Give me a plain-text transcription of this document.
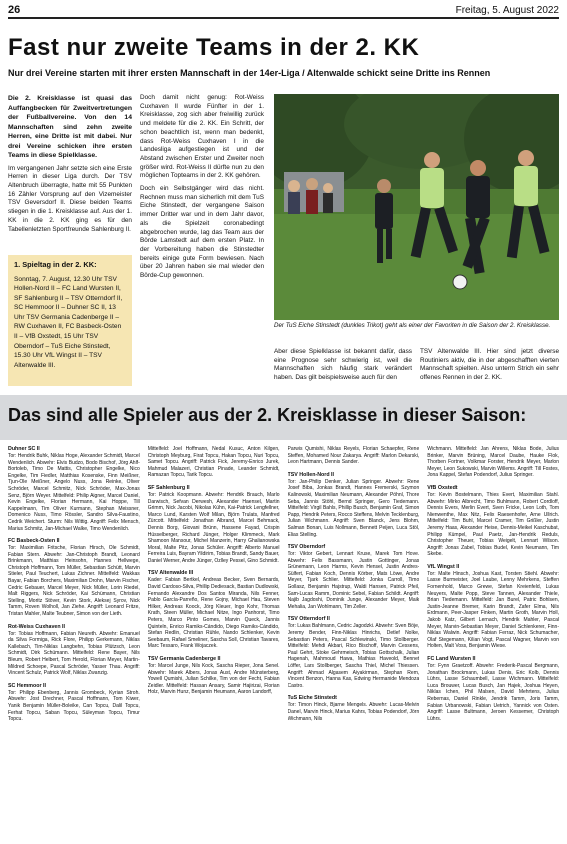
26	Freitag, 5. August 2022
Fast nur zweite Teams in der 2. KK
Nur drei Vereine starten mit ihrer ersten Mannschaft in der 14er-Liga / Altenwalde schickt seine Dritte ins Rennen

Die 2. Kreisklasse ist quasi das Auffangbecken für Zweitvertretungen der Fußballvereine. Von den 14 Mannschaften sind zehn zweite Herren, eine Dritte ist mit dabei. Nur drei Vereine schicken ihre ersten Teams in diese Spielklasse.

Im vergangenen Jahr setzte sich eine Erste Herren in dieser Liga durch. Der TSV Altenbruch überragte, hatte mit 55 Punkten 16 Zähler Vorsprung auf den Vizemeister TSV Geversdorf II. Diese beiden Teams stiegen in die 1. Kreisklasse auf. Aus der 1. KK in die 2. KK ging es für den Tabellenletzten Sportfreunde Sahlenburg II.

1. Spieltag in der 2. KK:
Sonntag, 7. August, 12.30 Uhr TSV Hollen-Nord II – FC Land Wursten II, SF Sahlenburg II – TSV Otterndorf II, SC Hemmoor II – Duhner SC II, 13 Uhr TSV Germania Cadenberge II – RW Cuxhaven II, FC Basbeck-Osten II – VfB Oxstedt, 15 Uhr TSV Oberndorf – TuS Eiche Stinstedt, 15.30 Uhr VfL Wingst II – TSV Altenwalde III.

Doch damit nicht genug: Rot-Weiss Cuxhaven II wurde Fünfter in der 1. Kreisklasse, zog sich aber freiwillig zurück und meldete für die 2. KK. Ein Schritt, der schon beachtlich ist, wenn man bedenkt, dass Rot-Weiss Cuxhaven I in die Landesliga aufgestiegen ist und der Abstand zwischen Erster und Zweiter noch größer wird. Rot-Weiss II dürfte nun zu den möglichen Topteams in der 2. KK gehören.

Doch ein Selbstgänger wird das nicht. Rechnen muss man sicherlich mit dem TuS Eiche Stinstedt, der vergangene Saison immer Dritter war und in dem Jahr davor, als die Spielzeit coronabedingt abgebrochen wurde, lag das Team aus der Börde Lamstedt auf dem ersten Platz. In der Vorbereitung haben die Stinstedter bereits einige gute Form bewiesen. Nach über 20 Jahren haben sie mal wieder den Börde-Cup gewonnen.

Der TuS Eiche Stinstedt (dunkles Trikot) geht als einer der Favoriten in die Saison der 2. Kreisklasse.

Aber diese Spielklasse ist bekannt dafür, dass eine Prognose sehr schwierig ist, weil die Mannschaften sich häufig stark verändert haben. Das gilt beispielsweise auch für den

TSV Altenwalde III. Hier sind jetzt diverse Routiniers aktiv, die in der abgeschafften vierten Mannschaft spielten. Also unterm Strich ein sehr offenes Rennen in der 2. KK.

Das sind alle Spieler aus der 2. Kreisklasse in dieser Saison:
Duhner SC II
Tor: Hendrik Buhk, Niklas Hoge, Alexander Schmidt, Marcel Wendenlich. Abwehr: Elvis Budzo, Bodo Bischof, Jörg Ahlf-Bortoleb, Timo De Mattis, Christopher Engelke, Nico Engelke, Tim Fiedler, Matthias Kosenske, Finn Meißner, Tjun-Ole Meißner, Angelo Nuss, Jona Reinke, Oliver Schröder, Marcel Schmitz, Nick Schröder, Max-Jonas Senz, Björn Weyer. Mittelfeld: Philip Aigner, Marcel Daniel, Kevin Engelke, Florian Hermann, Kai Hoppe, Till Kappelmann, Tim Oliver Kurmann, Stephan Meissner, Domenico Nuss, Timo Rössler, Sandro Silva-Faustino, Cedrik Weichert. Sturm: Nils Wittig. Angriff: Felix Mensch, Marius Schmitz, Jan-Michael Walke, Timo Wendenlich.
FC Basbeck-Osten II
Tor: Maximilian Fritsche, Florian Hirsch, Ole Schmidt, Fabian Stern. Abwehr: Jan-Christoph Brandt, Leonard Brinkmann, Matthias Heinsohn, Hannes Hellwege, Christoph Hoffmann, Tom Müller, Sebastian Schütt, Marvin Stieler, Paul Teuchert, Lukas Zichner. Mittelfeld: Wakkas Bayar, Fabian Borchers, Maximilian Drohn, Marvin Fischer, Cedric Gebauer, Marcel Meyer, Nick Müller, Lorin Riedel, Malt Riggers, Nick Schröder, Kai Schümann, Christian Stelling, Moritz Stöver, Kevin Stork, Aleksej Syrov, Nick Tamm, Roven Wolholl, Jan Ziehe. Angriff: Leonard Fritze, Tristan Mahler, Malte Teubner, Simon von der Lieth.
Rot-Weiss Cuxhaven II
Tor: Tobias Hoffmann, Fabian Neureth. Abwehr: Emanuel da Silva Formiga, Rick Flore, Philipp Gerkemann, Niklas Kallebach, Tim-Niklas Langbehn, Tobias Plützsch, Leon Schmidt, Dirk Schümann. Mittelfeld: Rene Bayer, Nils Bleum, Robert Helbert, Tom Herold, Florian Meyer, Martin-Mildred Schoepe, Pascal Schröder, Yasser Thau. Angriff: Vincent Schulz, Patrick Wolf, Niklas Zwanzig.
SC Hemmoor II
Tor: Philipp Ebenberg, Jannis Grombeck, Kyrian Stroh. Abwehr: Jost Drechner, Pascal Hoffmann, Tom Kiwer, Yanik Benjamin Müller-Boleike, Can Topcu, Dalil Topcu, Ferhat Topcu, Saban Topcu, Süleyman Topcu, Timur Topcu.
Mittelfeld: Joel Hoffmann, Nedal Kusuc, Anton Kilgen, Christoph Meyburg, Firat Topcu, Hakan Topcu, Nuri Topcu, Samet Topcu. Angriff: Patrick Fick, Jeremy-Enrico Jurek, Mahmud Malazeri, Christian Pinade, Leander Schmidt, Ramazan Topcu, Tarik Topcu.
SF Sahlenburg II
Tor: Patrick Koopmann. Abwehr: Hendrik Brauch, Marlo Darwisch, Sefvan Derwesh, Alexander Haensel, Martin Grimm, Nick Jacobi, Nikolas Kühn, Kai-Patrick Lengfellner, Marco Lund, Karsten Wolf Milan, Björn Trulats, Manfred Zürcott. Mittelfeld: Jonathan Albrand, Marcel Behmack, Dennis Borg, Giovani Brünn, Hassene Fayad, Crispin Hüsselberger, Richard Jünger, Holger Klimmeck, Mark Shamoon Mansour, Michel Manzerin, Harry Ghalianowska Moral, Malte Pitz, Jonas Schüler. Angriff: Alberto Manuel Ferreira Luis, Bayram Yildirim, Tobias Brandt, Sandy Bauer, Daniel Werner, Andre Jünger, Ozlley Pessel, Gino Schmidt.
TSV Altenwalde III
Kader: Fabian Bertkel, Andreas Becker, Sven Bernards, David Cardoso-Silva, Phillip Dediesack, Bastian Dudlowski, Fernando Alexandre Dos Santos Miranda, Nils Fenner, Pablo García-Parreño, Rene Gojny, Michael Hau, Steven Hilker, Andreas Koock, Jörg Kleuer, Ingo Kohr, Thomas Krath, Steen Müller, Michael Nitze, Ingo Panhorst, Timo Peters, Marco Pinto Gomes, Marvin Queck, Jannis Quinteln, Enrico Ramiks-Cándido, Diego Ramiks-Cándido, Stefan Redlin, Christian Rühle, Nando Schlenker, Kevin Seebaum, Rafael Smeliner, Sascha Soll, Christian Tavares, Marc Tessaro, Frank Wojaczek.
TSV Germania Cadenberge II
Tor: Marcel Junge, Nils Kock, Sascha Rieper, Jona Senel. Abwehr: Marek Albers, Jonas Aust, Andre Münsterberg, Yowell Qumishi, Julian Schilke, Tim von der Fecht, Fabian Zeidler. Mittelfeld: Hassan Ansary, Samir Hajirizai, Florian Holz, Marvin Hunz, Benjamin Heumann, Aaron Landorff,
Parwis Qumishi, Niklas Reyels, Florian Schaepfer, Rene Steffen, Mohamed Nour Zakarya. Angriff: Marlon Dekarski, Leon Hartmann, Dennis Sander.
TSV Hollen-Nord II
Tor: Jan-Philip Denker, Julian Springer. Abwehr: Rene Josef Biba, Jonkas Brandt, Hannes Fremerski, Szymon Kalinowski, Maximilian Neumann, Alexander Pöhnl, Thore Seba, Jannis Stöhl, Bernd Springer, Gero Tiedemann. Mittelfeld: Virgil Bahls, Phillip Busch, Benjamin Graf, Simon Papp, Hendrik Peters, Rocco Steffens, Melvin Tecklenburg, Julian Wichmann. Angriff: Sven Blanck, Jens Blohm, Salman Bonan, Luis Nollmann, Bennett Peijen, Luca Stöl, Elias Stelling.
TSV Oberndorf
Tor: Viktor Gebert, Lennart Kruse, Marek Tom Hove. Abwehr: Felix Bassmann, Justin Gottinger, Jonas Grünemann, Leon Harms, Kevin Hensel, Justin Andres-Sülfert, Fabian Koch, Dennis Körber, Mats Löwe, Andre Meyer, Tjark Schlier. Mittelfeld: Jonka Carroll, Timo Gollasz, Benjamin Hajstrup, Waldi Hansen, Patrick Pfeil, Sam-Lucas Ramm, Dominic Sebel, Fabian Schildt. Angriff: Najib Jagdoshi, Dominik Junge, Alexander Meyer, Maik Mehalia, Jan Wohlmann, Tim Zeller.
TSV Otterndorf II
Tor: Lukas Bahlmann, Cedric Jagodzki. Abwehr: Sven Böje, Jeremy Bender, Finn-Niklas Hinrichs, Detlef Nolke, Sebastian Peters, Pascal Schlewinski, Timo Stollberger. Mittelfeld: Mehdi Akbari, Rico Bischoff, Marvin Cessens, Paul Gehrt, Stoke Gehrmeisch, Tobias Gottschalk, Julian Hagenah, Mahmoud Hawa, Mathias Haveold, Bennet Löffer, Lars Stollberger, Sascha Thiel, Michel Thiessen. Angriff: Ahmad Algasem Aiyakirman, Stephan Rem, Vincent Benzon, Hanna Kas, Edwing Hermanide Mendoza Castro.
TuS Eiche Stinstedt
Tor: Timon Hinck, Bjarne Mengels. Abwehr: Lucas-Melvin Danel, Marvin Hinck, Marius Kahrs, Tobias Podendorf, Jörn Wichmann, Nils
Wichmann. Mittelfeld: Jan Ahrens, Niklas Bode, Julius Brinker, Marvin Brüning, Marcel Daube, Hauke Flok, Thorben Fortner, Volkmar Forster, Hendrik Meyer, Marlon Meyer, Leon Sukowski, Marvin Willems. Angriff: Till Fostes, Jona Kappel, Stefan Podendorf, Julius Springer.
VfB Oxstedt
Tor: Kevin Bostelmann, Thies Evert, Maximilian Stahl. Abwehr: Mirko Albrecht, Timo Buhlmann, Robert Cordloff, Dennis Evers, Merlin Evert, Sven Fricke, Leon Loth, Tom Nienwenthe, Max Nitz, Felix Raesenhofer, Arne Ullrich. Mittelfeld: Tim Buhl, Marcel Cramer, Tim Grißler, Justin Jeremy Haas, Alexander Heise, Dennis-Meikel Kaschubat, Philipp Kümpel, Paul Paetz, Jan-Hendrik Reduls, Christopher Theuer, Tobias Weigelt, Lennart Wilson. Angriff: Jonas Zabel, Tobias Budel, Kevin Neumann, Tim Skebe.
VfL Wingst II
Tor: Malte Hinsch, Joshua Kast, Torsten Stiehl. Abwehr: Lasse Burmeister, Joel Laube, Lenny Mehrkens, Steffen Fornenhold, Marco Grewe, Stefan Kreienfeld, Lukas Neuyers, Malte Popp, Steve Tannen, Alexander Thiele, Brian Tiedemann. Mittelfeld: Jan Burel, Patric Bohlsen, Justin-Jeanne Bremer, Karin Brandt, Zafer Elma, Nils Erdmann, Peer-Jasper Finken, Martin Groth, Marvin Holl, Jakob Katz, Gilbert Lernach, Hendrik Mahler, Pascal Meyer, Marvin-Sebastian Meyer, Daniel Schlenkerer, Finn-Niklas Walwin. Angriff: Fabian Ferraz, Nick Schumacher, Olaf Stegemann, Kilian Vogt, Pascal Wagner, Marvin von Holten, Malt Voss, Benjamin Wiese.
FC Land Wursten II
Tor: Fynn Graetzoff. Abwehr: Frederik-Pascal Bergmann, Jonathan Brockmann, Lukas Denis, Eric Kolb, Dennis Lührs, Lasse Schaumbell, Lasse Wichmann. Mittelfeld: Luca Brouwer, Lucas Busch, Jan Hajek, Joshua Heyen, Niklas Ichen, Phil Malsen, David Mehrtens, Julius Rebernas, Daniel Rinkle, Jendrik Tamm, Joris Tamm, Fabian Urbanowski, Fabian Uetrich, Yannick von Osten. Angriff: Lasse Bultmann, Jeroen Kessemer, Christoph Lührs.
